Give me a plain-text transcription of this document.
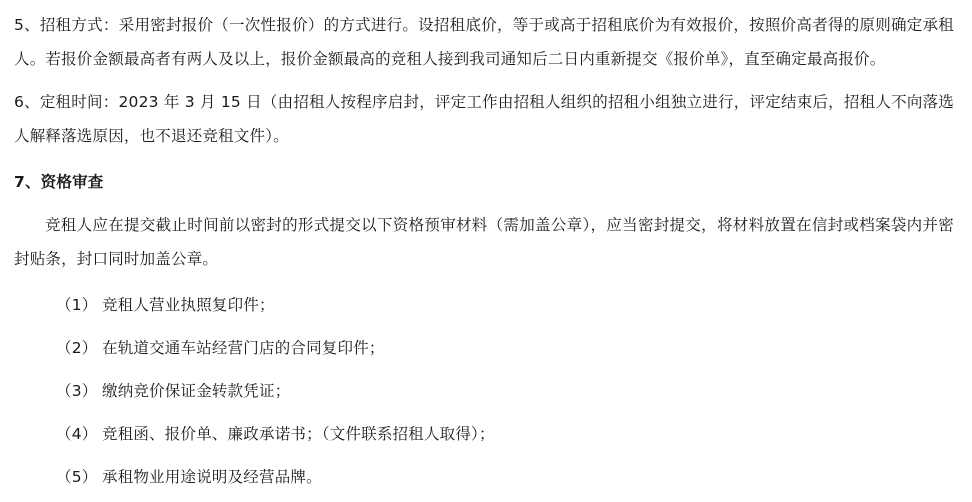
5、招租方式：采用密封报价（一次性报价）的方式进行。设招租底价，等于或高于招租底价为有效报价，按照价高者得的原则确定承租人。若报价金额最高者有两人及以上，报价金额最高的竞租人接到我司通知后二日内重新提交《报价单》，直至确定最高报价。

6、定租时间：2023 年 3 月 15 日（由招租人按程序启封，评定工作由招租人组织的招租小组独立进行，评定结束后，招租人不向落选人解释落选原因，也不退还竞租文件）。

7、资格审查

竞租人应在提交截止时间前以密封的形式提交以下资格预审材料（需加盖公章），应当密封提交，将材料放置在信封或档案袋内并密封贴条，封口同时加盖公章。

（1） 竞租人营业执照复印件；

（2） 在轨道交通车站经营门店的合同复印件；

（3） 缴纳竞价保证金转款凭证；

（4） 竞租函、报价单、廉政承诺书；（文件联系招租人取得）；

（5） 承租物业用途说明及经营品牌。
